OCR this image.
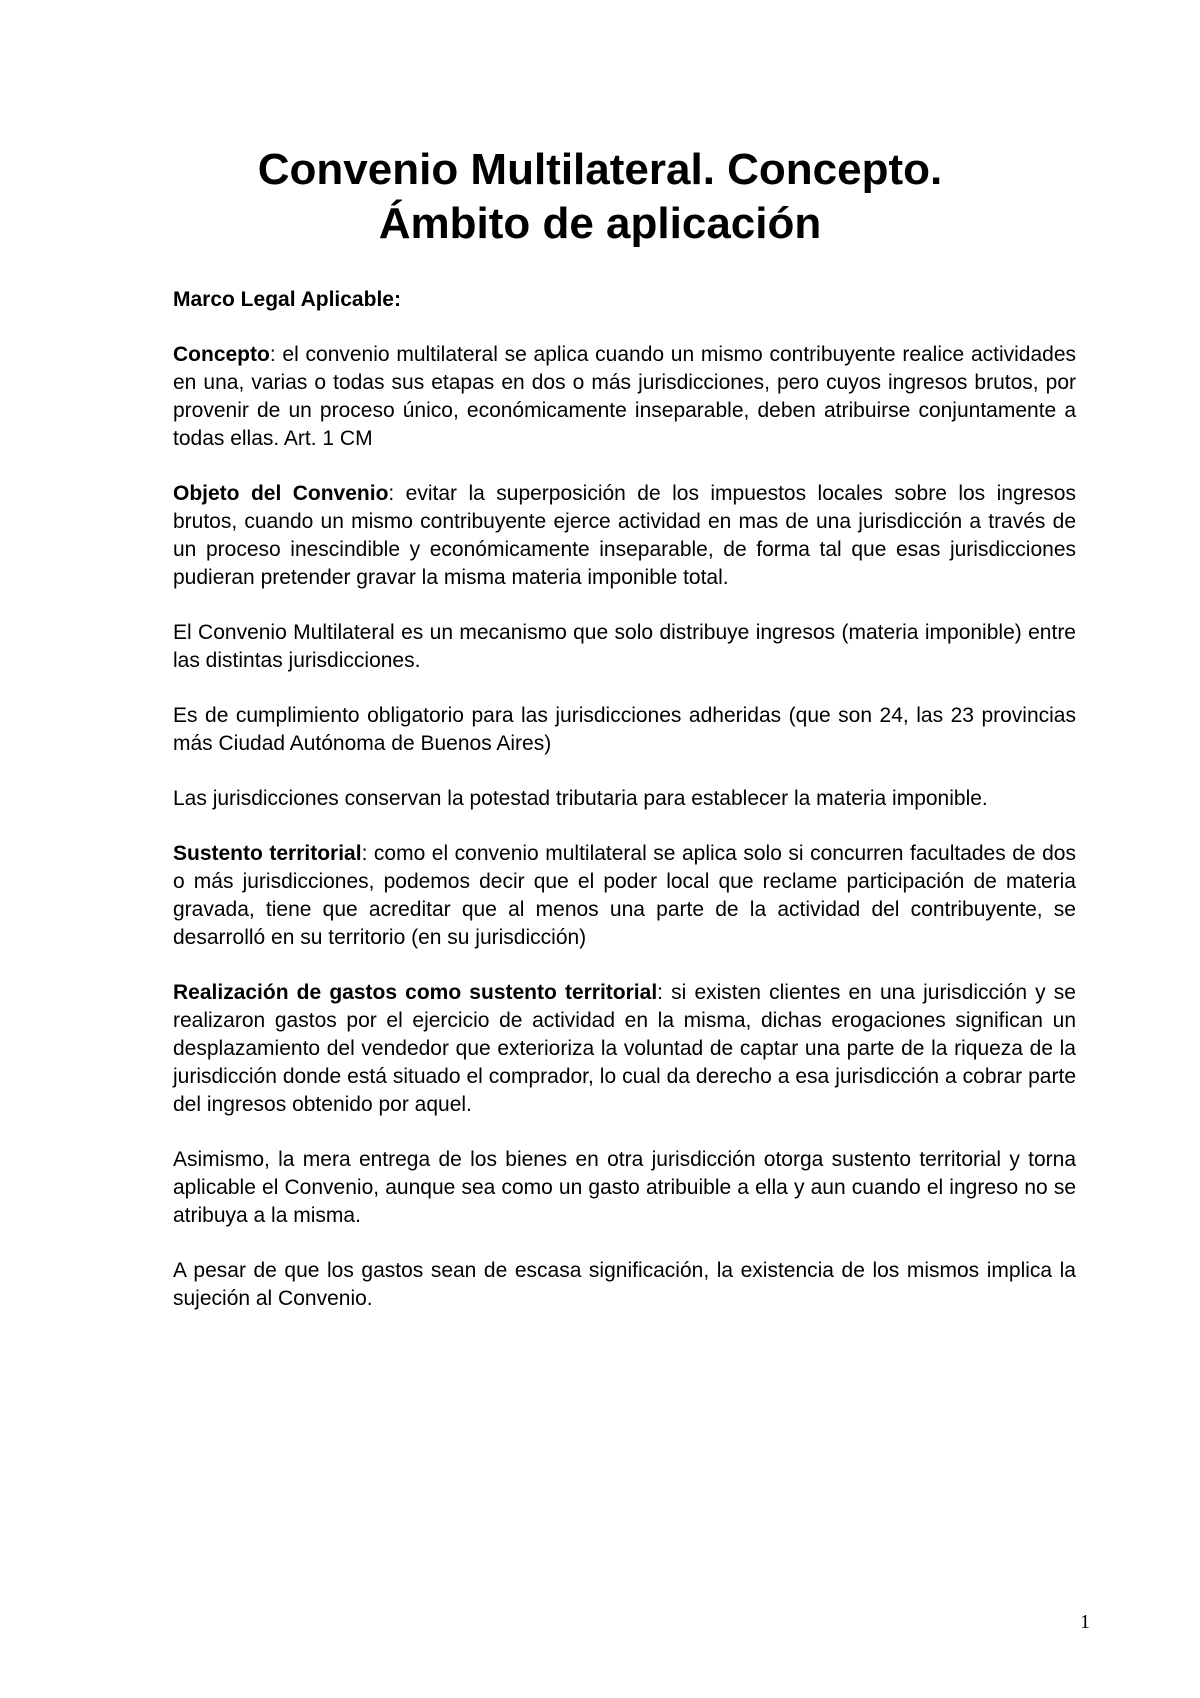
Convenio Multilateral. Concepto.
Ámbito de aplicación

Marco Legal Aplicable:

Concepto: el convenio multilateral se aplica cuando un mismo contribuyente realice actividades en una, varias o todas sus etapas en dos o más jurisdicciones, pero cuyos ingresos brutos, por provenir de un proceso único, económicamente inseparable, deben atribuirse conjuntamente a todas ellas. Art. 1 CM

Objeto del Convenio: evitar la superposición de los impuestos locales sobre los ingresos brutos, cuando un mismo contribuyente ejerce actividad en mas de una jurisdicción a través de un proceso inescindible y económicamente inseparable, de forma tal que esas jurisdicciones pudieran pretender gravar la misma materia imponible total.

El Convenio Multilateral es un mecanismo que solo distribuye ingresos (materia imponible) entre las distintas jurisdicciones.

Es de cumplimiento obligatorio para las jurisdicciones adheridas (que son 24, las 23 provincias más Ciudad Autónoma de Buenos Aires)

Las jurisdicciones conservan la potestad tributaria para establecer la materia imponible.

Sustento territorial: como el convenio multilateral se aplica solo si concurren facultades de dos o más jurisdicciones, podemos decir que el poder local que reclame participación de materia gravada, tiene que acreditar que al menos una parte de la actividad del contribuyente, se desarrolló en su territorio (en su jurisdicción)

Realización de gastos como sustento territorial: si existen clientes en una jurisdicción y se realizaron gastos por el ejercicio de actividad en la misma, dichas erogaciones significan un desplazamiento del vendedor que exterioriza la voluntad de captar una parte de la riqueza de la jurisdicción donde está situado el comprador, lo cual da derecho a esa jurisdicción a cobrar parte del ingresos obtenido por aquel.

Asimismo, la mera entrega de los bienes en otra jurisdicción otorga sustento territorial y torna aplicable el Convenio, aunque sea como un gasto atribuible a ella y aun cuando el ingreso no se atribuya a la misma.

A pesar de que los gastos sean de escasa significación, la existencia de los mismos implica la sujeción al Convenio.

1
